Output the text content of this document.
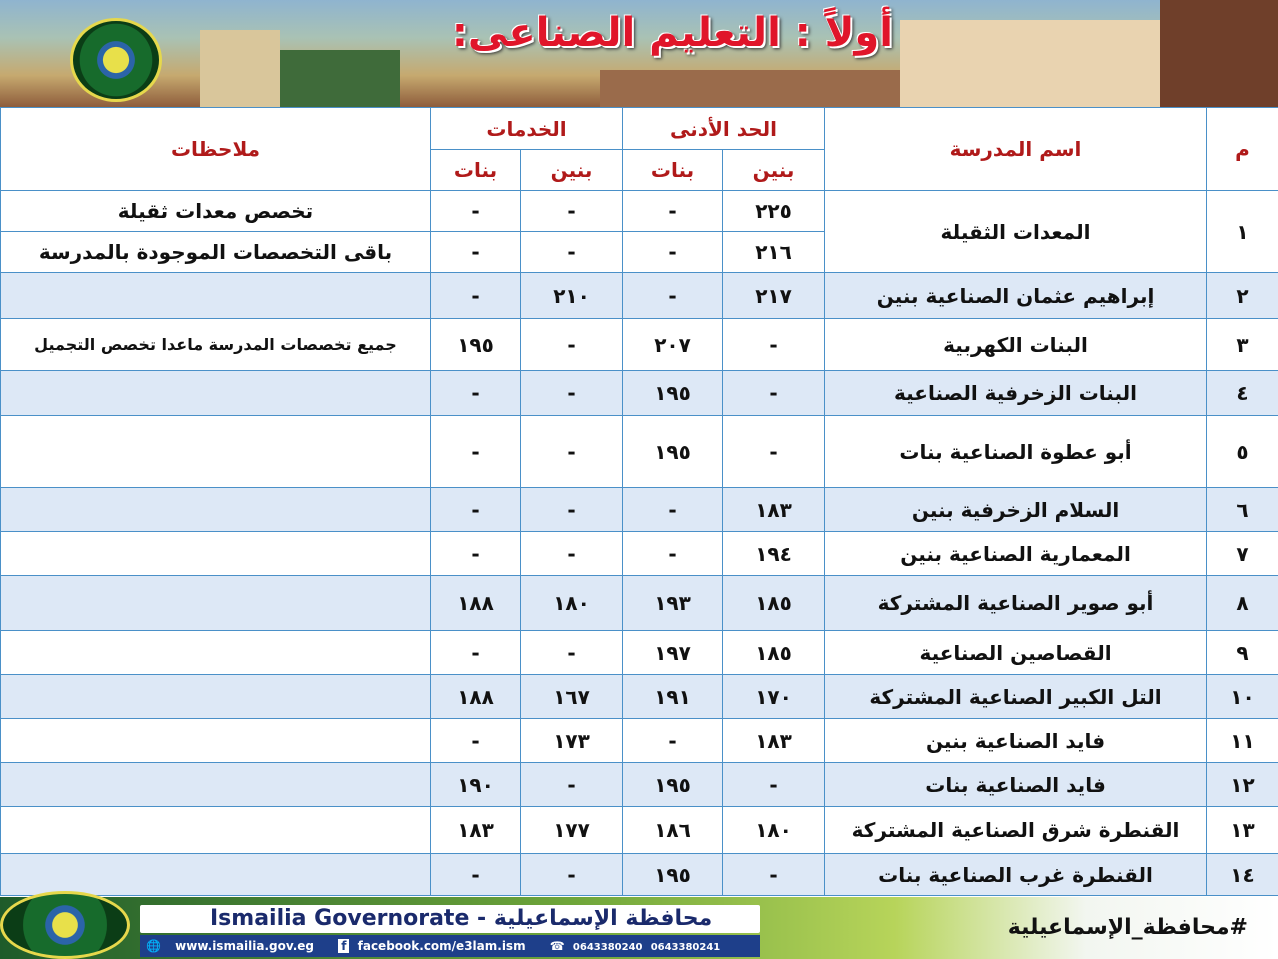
أولاً : التعليم الصناعى:
م	اسم المدرسة	الحد الأدنى		الخدمات		ملاحظات
		بنين	بنات	بنين	بنات	
١	المعدات الثقيلة	٢٢٥	-	-	-	تخصص معدات ثقيلة
		٢١٦	-	-	-	باقى التخصصات الموجودة بالمدرسة
٢	إبراهيم عثمان الصناعية بنين	٢١٧	-	٢١٠	-	
٣	البنات الكهربية	-	٢٠٧	-	١٩٥	جميع تخصصات المدرسة ماعدا تخصص التجميل
٤	البنات الزخرفية الصناعية	-	١٩٥	-	-	
٥	أبو عطوة الصناعية بنات	-	١٩٥	-	-	
٦	السلام الزخرفية بنين	١٨٣	-	-	-	
٧	المعمارية الصناعية بنين	١٩٤	-	-	-	
٨	أبو صوير الصناعية المشتركة	١٨٥	١٩٣	١٨٠	١٨٨	
٩	القصاصين الصناعية	١٨٥	١٩٧	-	-	
١٠	التل الكبير الصناعية المشتركة	١٧٠	١٩١	١٦٧	١٨٨	
١١	فايد الصناعية بنين	١٨٣	-	١٧٣	-	
١٢	فايد الصناعية بنات	-	١٩٥	-	١٩٠	
١٣	القنطرة شرق الصناعية المشتركة	١٨٠	١٨٦	١٧٧	١٨٣	
١٤	القنطرة غرب الصناعية بنات	-	١٩٥	-	-	
Ismailia Governorate - محافظة الإسماعيلية
🌐 www.ismailia.gov.eg f facebook.com/e3lam.ism ☎ 0643380240 0643380241
#محافظة_الإسماعيلية
